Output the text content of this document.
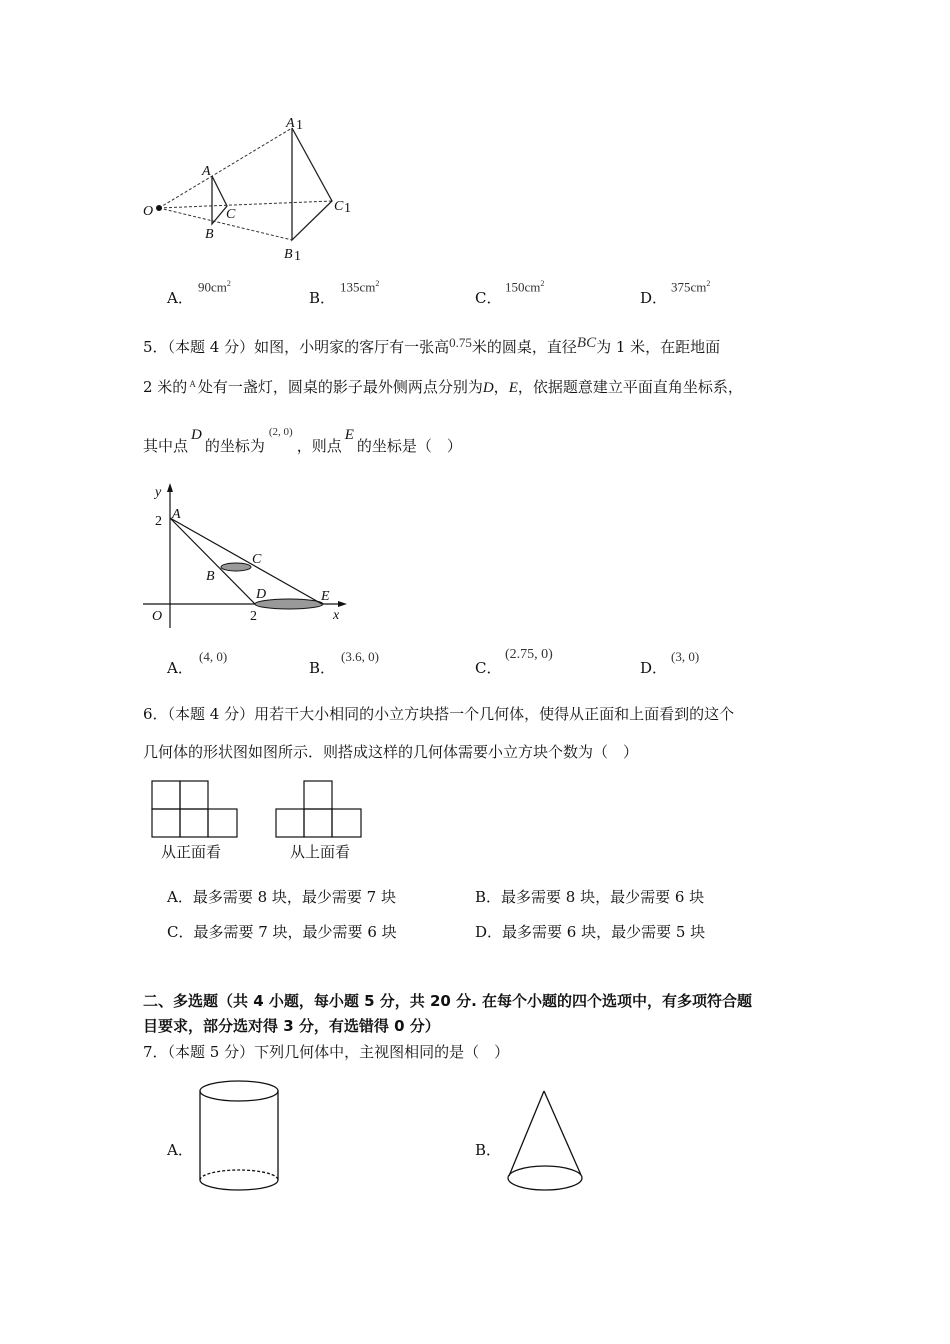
O
A
B
C
A 1
B 1
C 1
A．
$90cm^2$
B．
$135cm^2$
C．
$150cm^2$
D．
$375cm^2$
5．（本题 4 分）如图，小明家的客厅有一张高0.75米的圆桌，直径BC为 1 米，在距地面
2 米的 $^A$ 处有一盏灯，圆桌的影子最外侧两点分别为D，E，依据题意建立平面直角坐标系，
其中点D的坐标为$^{(2, 0)}$，则点E的坐标是（　）
y
2 A
B
C
D	E
O	2	x
A．
(4, 0)
B．
(3.6, 0)
C．
(2.75, 0)
D．
(3, 0)
6．（本题 4 分）用若干大小相同的小立方块搭一个几何体，使得从正面和上面看到的这个
几何体的形状图如图所示．则搭成这样的几何体需要小立方块个数为（　）
从正面看	从上面看
A．最多需要 8 块，最少需要 7 块	B．最多需要 8 块，最少需要 6 块
C．最多需要 7 块，最少需要 6 块	D．最多需要 6 块，最少需要 5 块
二、多选题（共 4 小题，每小题 5 分，共 20 分. 在每个小题的四个选项中，有多项符合题
目要求，部分选对得 3 分，有选错得 0 分）
7．（本题 5 分）下列几何体中，主视图相同的是（　）
A．	B．
